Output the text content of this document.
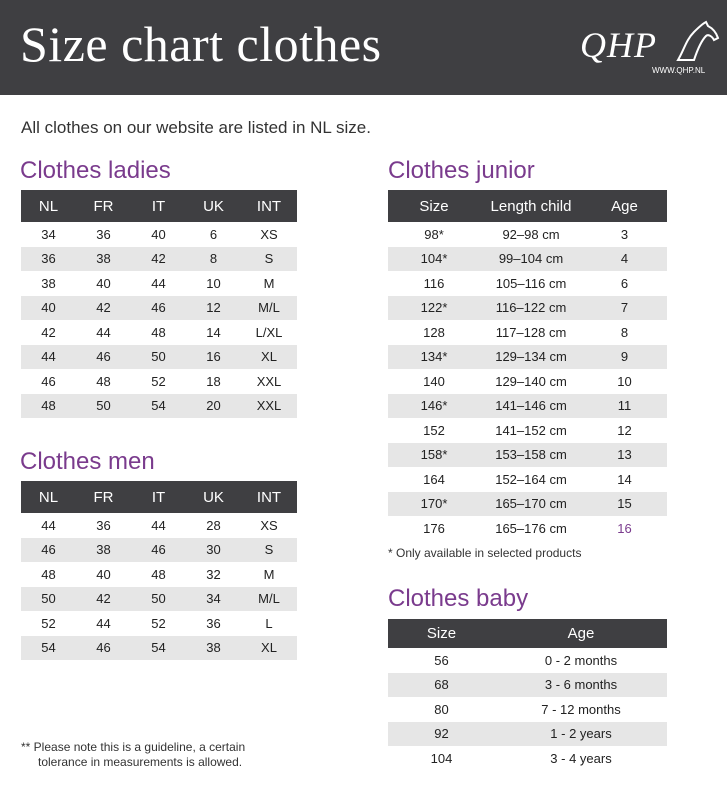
Size chart clothes	QHP
WWW.QHP.NL
All clothes on our website are listed in NL size.
Clothes ladies
NL	FR	IT	UK	INT
34	36	40	6	XS
36	38	42	8	S
38	40	44	10	M
40	42	46	12	M/L
42	44	48	14	L/XL
44	46	50	16	XL
46	48	52	18	XXL
48	50	54	20	XXL
Clothes men
NL	FR	IT	UK	INT
44	36	44	28	XS
46	38	46	30	S
48	40	48	32	M
50	42	50	34	M/L
52	44	52	36	L
54	46	54	38	XL
Clothes junior
Size	Length child	Age
98*	92–98 cm	3
104*	99–104 cm	4
116	105–116 cm	6
122*	116–122 cm	7
128	117–128 cm	8
134*	129–134 cm	9
140	129–140 cm	10
146*	141–146 cm	11
152	141–152 cm	12
158*	153–158 cm	13
164	152–164 cm	14
170*	165–170 cm	15
176	165–176 cm	16
* Only available in selected products
Clothes baby
Size	Age
56	0 - 2 months
68	3 - 6 months
80	7 - 12 months
92	1 - 2 years
104	3 - 4 years
** Please note this is a guideline, a certain
tolerance in measurements is allowed.
